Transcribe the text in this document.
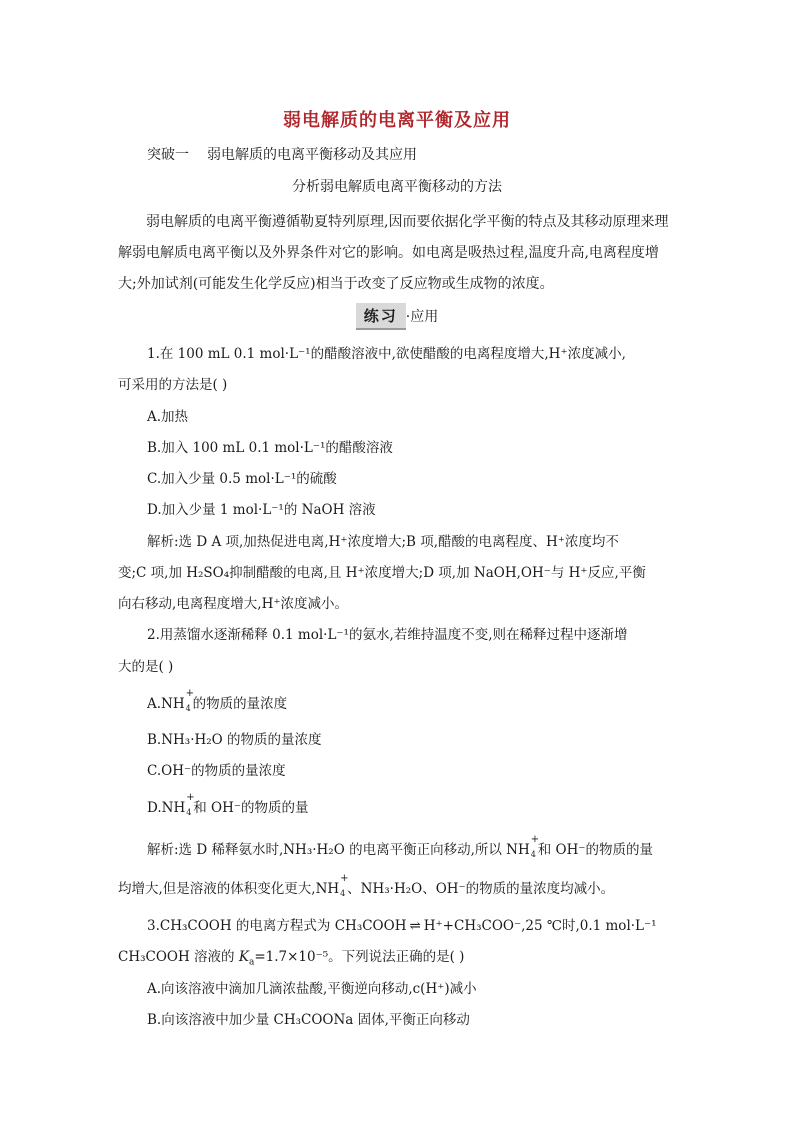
弱电解质的电离平衡及应用
突破一 弱电解质的电离平衡移动及其应用
分析弱电解质电离平衡移动的方法
弱电解质的电离平衡遵循勒夏特列原理,因而要依据化学平衡的特点及其移动原理来理
解弱电解质电离平衡以及外界条件对它的影响。如电离是吸热过程,温度升高,电离程度增
大;外加试剂(可能发生化学反应)相当于改变了反应物或生成物的浓度。
练习 ·应用
1.在 100 mL 0.1 mol·L⁻¹的醋酸溶液中,欲使醋酸的电离程度增大,H⁺浓度减小,
可采用的方法是( )
A.加热
B.加入 100 mL 0.1 mol·L⁻¹的醋酸溶液
C.加入少量 0.5 mol·L⁻¹的硫酸
D.加入少量 1 mol·L⁻¹的 NaOH 溶液
解析:选 D A 项,加热促进电离,H⁺浓度增大;B 项,醋酸的电离程度、H⁺浓度均不
变;C 项,加 H₂SO₄抑制醋酸的电离,且 H⁺浓度增大;D 项,加 NaOH,OH⁻与 H⁺反应,平衡
向右移动,电离程度增大,H⁺浓度减小。
2.用蒸馏水逐渐稀释 0.1 mol·L⁻¹的氨水,若维持温度不变,则在稀释过程中逐渐增
大的是( )
A.NH
+
4 的物质的量浓度
B.NH₃·H₂O 的物质的量浓度
C.OH⁻的物质的量浓度
D.NH
+
4 和 OH⁻的物质的量
解析:选 D 稀释氨水时,NH₃·H₂O 的电离平衡正向移动,所以 NH
+
4 和 OH⁻的物质的量
均增大,但是溶液的体积变化更大,NH
+
4 、NH₃·H₂O、OH⁻的物质的量浓度均减小。
3.CH₃COOH 的电离方程式为 CH₃COOH ⇌ H⁺+CH₃COO⁻,25 ℃时,0.1 mol·L⁻¹
CH₃COOH 溶液的 $K_a=1.7\times 10^{-5}$。下列说法正确的是( )
A.向该溶液中滴加几滴浓盐酸,平衡逆向移动,c(H⁺)减小
B.向该溶液中加少量 CH₃COONa 固体,平衡正向移动
